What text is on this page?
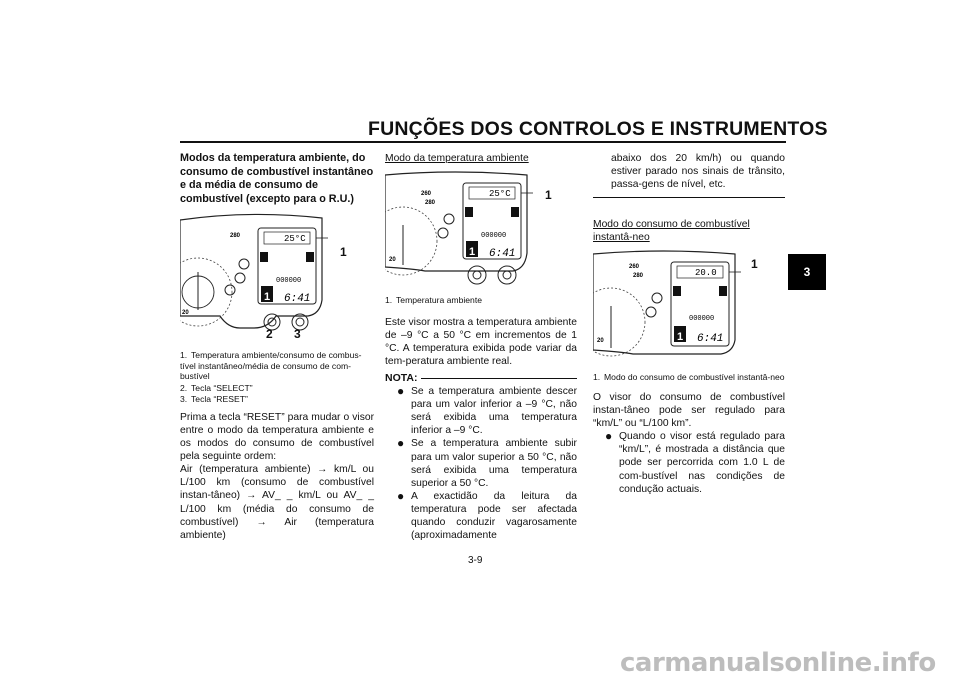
FUNÇÕES DOS CONTROLOS E INSTRUMENTOS
3
Modos da temperatura ambiente, do consumo de combustível instantâneo e da média de consumo de combustível (excepto para o R.U.)
25°C
000000
6:41
1
280
20
1
2 3
1. Temperatura ambiente/consumo de combus-tível instantâneo/média de consumo de com-bustível
2. Tecla “SELECT”
3. Tecla “RESET”
Prima a tecla “RESET” para mudar o visor entre o modo da temperatura ambiente e os modos do consumo de combustível pela seguinte ordem:
Air (temperatura ambiente) → km/L ou L/100 km (consumo de combustível instan-tâneo) → AV_ _ km/L ou AV_ _ L/100 km (média do consumo de combustível) → Air (temperatura ambiente)
Modo da temperatura ambiente
25°C
000000
6:41
1
260
280
20
1
1. Temperatura ambiente
Este visor mostra a temperatura ambiente de –9 °C a 50 °C em incrementos de 1 °C. A temperatura exibida pode variar da tem-peratura ambiente real.
NOTA:
● Se a temperatura ambiente descer para um valor inferior a –9 °C, não será exibida uma temperatura inferior a –9 °C.
● Se a temperatura ambiente subir para um valor superior a 50 °C, não será exibida uma temperatura superior a 50 °C.
● A exactidão da leitura da temperatura pode ser afectada quando conduzir vagarosamente (aproximadamente
abaixo dos 20 km/h) ou quando estiver parado nos sinais de trânsito, passa-gens de nível, etc.
Modo do consumo de combustível instantâ-neo
20.0
000000
6:41
1
260
280
20
1
1. Modo do consumo de combustível instantâ-neo
O visor do consumo de combustível instan-tâneo pode ser regulado para “km/L” ou “L/100 km”.
● Quando o visor está regulado para “km/L”, é mostrada a distância que pode ser percorrida com 1.0 L de com-bustível nas condições de condução actuais.
3-9
carmanualsonline.info
